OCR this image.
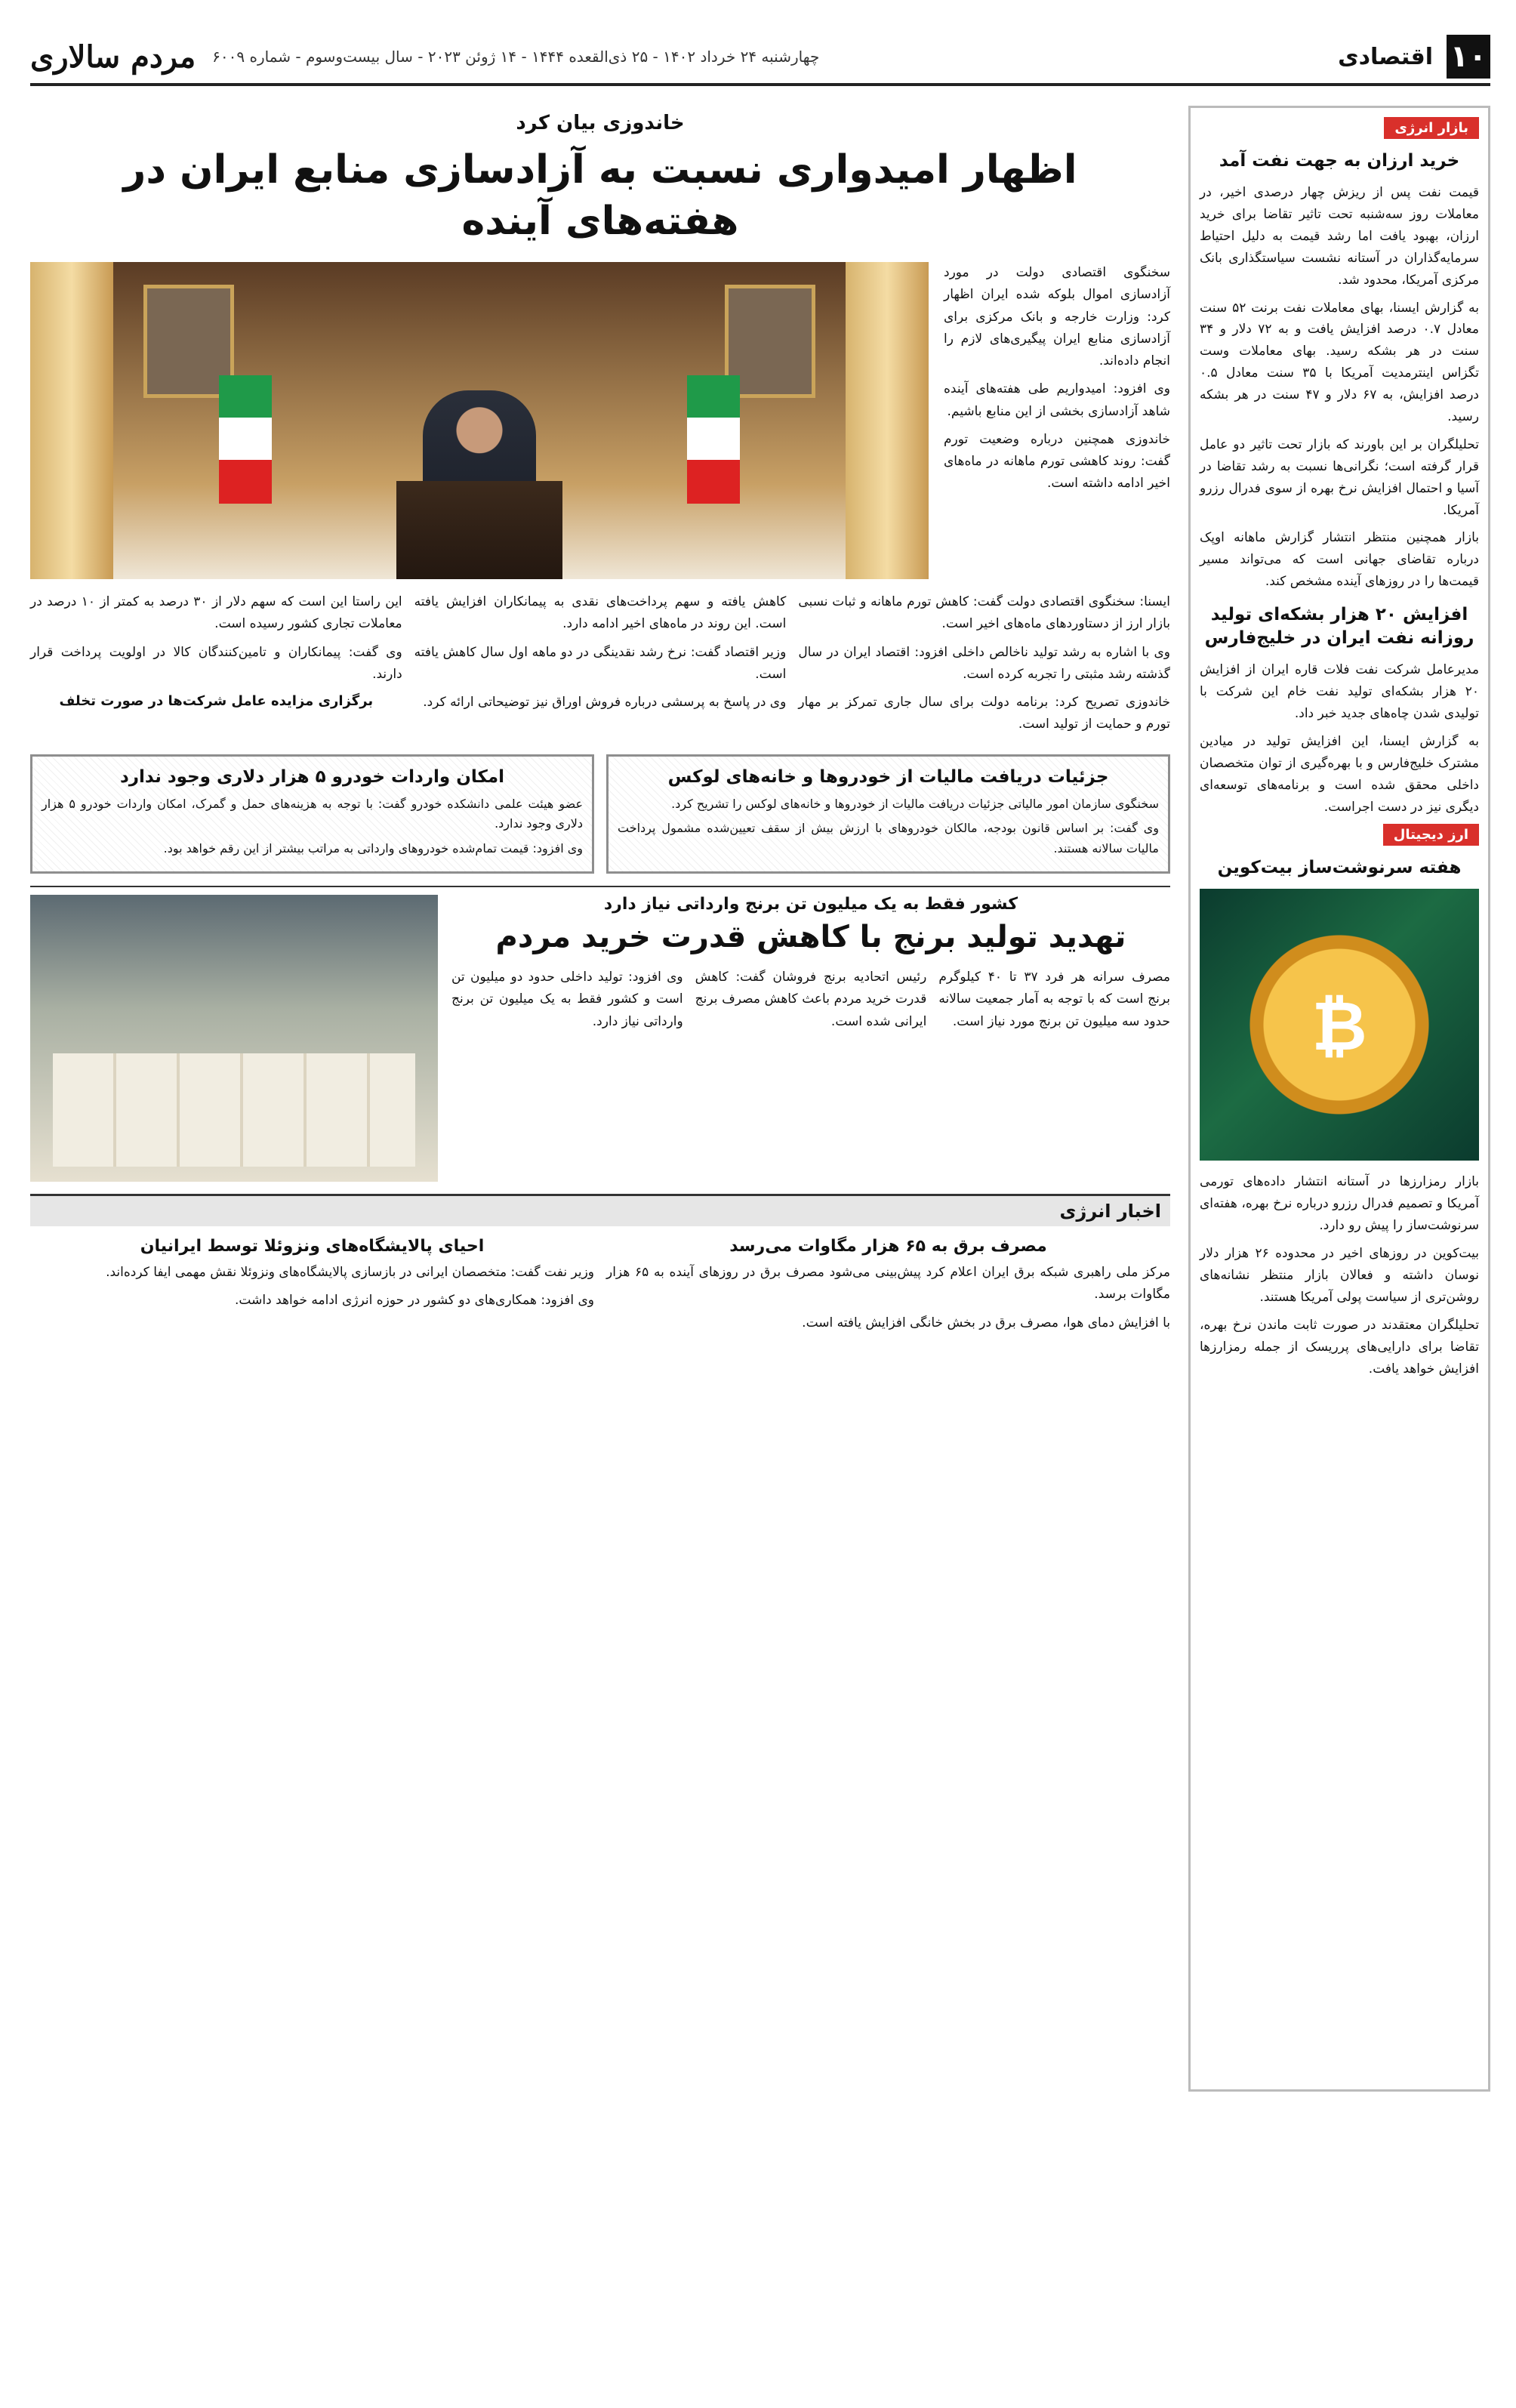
۱۰
اقتصادی
چهارشنبه ۲۴ خرداد ۱۴۰۲ - ۲۵ ذی‌القعده ۱۴۴۴ - ۱۴ ژوئن ۲۰۲۳ - سال بیست‌وسوم - شماره ۶۰۰۹
مردم سالاری
بازار انرژی
خرید ارزان به جهت نفت آمد

قیمت نفت پس از ریزش چهار درصدی اخیر، در معاملات روز سه‌شنبه تحت تاثیر تقاضا برای خرید ارزان، بهبود یافت اما رشد قیمت به دلیل احتیاط سرمایه‌گذاران در آستانه نشست سیاستگذاری بانک مرکزی آمریکا، محدود شد.

به گزارش ایسنا، بهای معاملات نفت برنت ۵۲ سنت معادل ۰.۷ درصد افزایش یافت و به ۷۲ دلار و ۳۴ سنت در هر بشکه رسید. بهای معاملات وست تگزاس اینترمدیت آمریکا با ۳۵ سنت معادل ۰.۵ درصد افزایش، به ۶۷ دلار و ۴۷ سنت در هر بشکه رسید.

تحلیلگران بر این باورند که بازار تحت تاثیر دو عامل قرار گرفته است؛ نگرانی‌ها نسبت به رشد تقاضا در آسیا و احتمال افزایش نرخ بهره از سوی فدرال رزرو آمریکا.

بازار همچنین منتظر انتشار گزارش ماهانه اوپک درباره تقاضای جهانی است که می‌تواند مسیر قیمت‌ها را در روزهای آینده مشخص کند.

افزایش ۲۰ هزار بشکه‌ای تولید روزانه نفت ایران در خلیج‌فارس

مدیرعامل شرکت نفت فلات قاره ایران از افزایش ۲۰ هزار بشکه‌ای تولید نفت خام این شرکت با تولیدی شدن چاه‌های جدید خبر داد.

به گزارش ایسنا، این افزایش تولید در میادین مشترک خلیج‌فارس و با بهره‌گیری از توان متخصصان داخلی محقق شده است و برنامه‌های توسعه‌ای دیگری نیز در دست اجراست.

ارز دیجیتال
هفته سرنوشت‌ساز بیت‌کوین
₿

بازار رمزارزها در آستانه انتشار داده‌های تورمی آمریکا و تصمیم فدرال رزرو درباره نرخ بهره، هفته‌ای سرنوشت‌ساز را پیش رو دارد.

بیت‌کوین در روزهای اخیر در محدوده ۲۶ هزار دلار نوسان داشته و فعالان بازار منتظر نشانه‌های روشن‌تری از سیاست پولی آمریکا هستند.

تحلیلگران معتقدند در صورت ثابت ماندن نرخ بهره، تقاضا برای دارایی‌های پرریسک از جمله رمزارزها افزایش خواهد یافت.

خاندوزی بیان کرد
اظهار امیدواری نسبت به آزادسازی منابع ایران در هفته‌های آینده

سخنگوی اقتصادی دولت در مورد آزادسازی اموال بلوکه شده ایران اظهار کرد: وزارت خارجه و بانک مرکزی برای آزادسازی منابع ایران پیگیری‌های لازم را انجام داده‌اند.

وی افزود: امیدواریم طی هفته‌های آینده شاهد آزادسازی بخشی از این منابع باشیم.

خاندوزی همچنین درباره وضعیت تورم گفت: روند کاهشی تورم ماهانه در ماه‌های اخیر ادامه داشته است.

ایسنا: سخنگوی اقتصادی دولت گفت: کاهش تورم ماهانه و ثبات نسبی بازار ارز از دستاوردهای ماه‌های اخیر است.

وی با اشاره به رشد تولید ناخالص داخلی افزود: اقتصاد ایران در سال گذشته رشد مثبتی را تجربه کرده است.

خاندوزی تصریح کرد: برنامه دولت برای سال جاری تمرکز بر مهار تورم و حمایت از تولید است.

کاهش یافته و سهم پرداخت‌های نقدی به پیمانکاران افزایش یافته است. این روند در ماه‌های اخیر ادامه دارد.

وزیر اقتصاد گفت: نرخ رشد نقدینگی در دو ماهه اول سال کاهش یافته است.

وی در پاسخ به پرسشی درباره فروش اوراق نیز توضیحاتی ارائه کرد.

این راستا این است که سهم دلار از ۳۰ درصد به کمتر از ۱۰ درصد در معاملات تجاری کشور رسیده است.

وی گفت: پیمانکاران و تامین‌کنندگان کالا در اولویت پرداخت قرار دارند.

برگزاری مزایده عامل شرکت‌ها در صورت تخلف
جزئیات دریافت مالیات از خودروها و خانه‌های لوکس

سخنگوی سازمان امور مالیاتی جزئیات دریافت مالیات از خودروها و خانه‌های لوکس را تشریح کرد.

وی گفت: بر اساس قانون بودجه، مالکان خودروهای با ارزش بیش از سقف تعیین‌شده مشمول پرداخت مالیات سالانه هستند.

امکان واردات خودرو ۵ هزار دلاری وجود ندارد

عضو هیئت علمی دانشکده خودرو گفت: با توجه به هزینه‌های حمل و گمرک، امکان واردات خودرو ۵ هزار دلاری وجود ندارد.

وی افزود: قیمت تمام‌شده خودروهای وارداتی به مراتب بیشتر از این رقم خواهد بود.

کشور فقط به یک میلیون تن برنج وارداتی نیاز دارد
تهدید تولید برنج با کاهش قدرت خرید مردم

مصرف سرانه هر فرد ۳۷ تا ۴۰ کیلوگرم برنج است که با توجه به آمار جمعیت سالانه حدود سه میلیون تن برنج مورد نیاز است.

رئیس اتحادیه برنج فروشان گفت: کاهش قدرت خرید مردم باعث کاهش مصرف برنج ایرانی شده است.

وی افزود: تولید داخلی حدود دو میلیون تن است و کشور فقط به یک میلیون تن برنج وارداتی نیاز دارد.

اخبار انرژی
مصرف برق به ۶۵ هزار مگاوات می‌رسد

مرکز ملی راهبری شبکه برق ایران اعلام کرد پیش‌بینی می‌شود مصرف برق در روزهای آینده به ۶۵ هزار مگاوات برسد.

با افزایش دمای هوا، مصرف برق در بخش خانگی افزایش یافته است.

احیای پالایشگاه‌های ونزوئلا توسط ایرانیان

وزیر نفت گفت: متخصصان ایرانی در بازسازی پالایشگاه‌های ونزوئلا نقش مهمی ایفا کرده‌اند.

وی افزود: همکاری‌های دو کشور در حوزه انرژی ادامه خواهد داشت.
